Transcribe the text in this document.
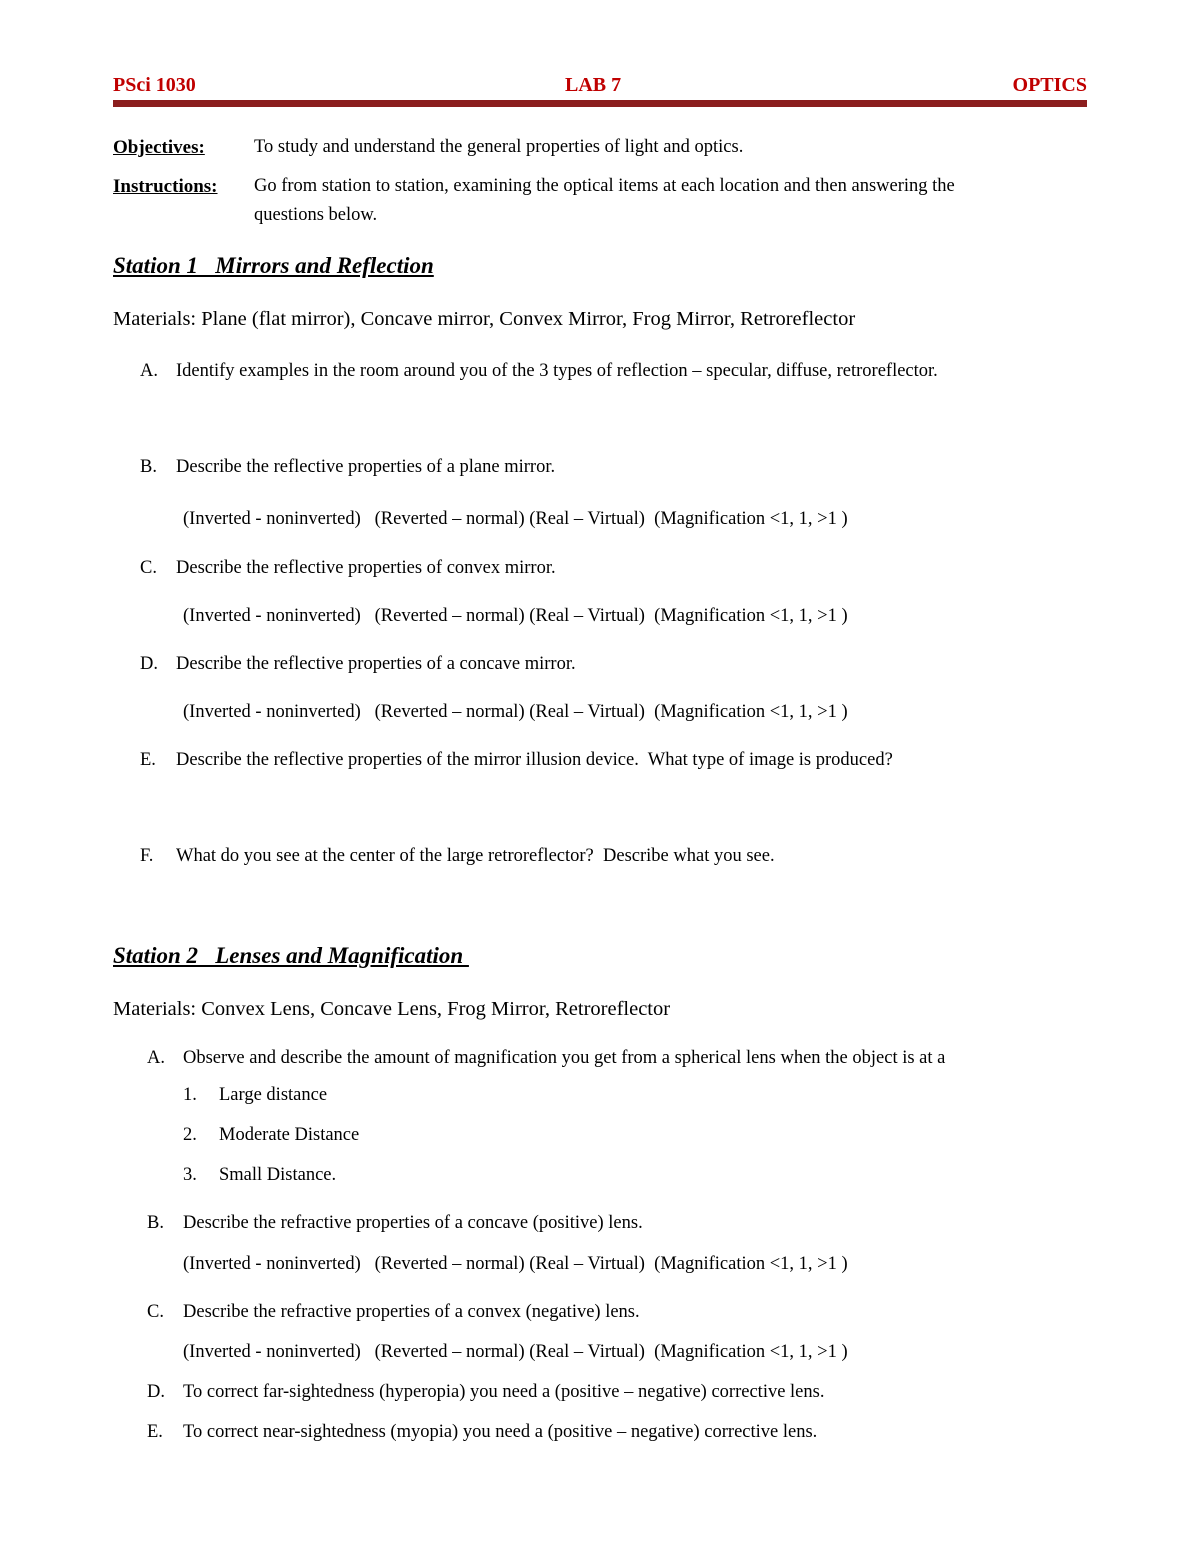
PSci 1030	LAB 7	OPTICS
Objectives:	To study and understand the general properties of light and optics.
Instructions: Go from station to station, examining the optical items at each location and then answering the
questions below.
Station 1   Mirrors and Reflection
Materials: Plane (flat mirror), Concave mirror, Convex Mirror, Frog Mirror, Retroreflector
A. Identify examples in the room around you of the 3 types of reflection – specular, diffuse, retroreflector.
B. Describe the reflective properties of a plane mirror.
(Inverted - noninverted)   (Reverted – normal) (Real – Virtual)  (Magnification <1, 1, >1 )
C. Describe the reflective properties of convex mirror.
(Inverted - noninverted)   (Reverted – normal) (Real – Virtual)  (Magnification <1, 1, >1 )
D. Describe the reflective properties of a concave mirror.
(Inverted - noninverted)   (Reverted – normal) (Real – Virtual)  (Magnification <1, 1, >1 )
E. Describe the reflective properties of the mirror illusion device.  What type of image is produced?
F. What do you see at the center of the large retroreflector?  Describe what you see.
Station 2   Lenses and Magnification
Materials: Convex Lens, Concave Lens, Frog Mirror, Retroreflector
A. Observe and describe the amount of magnification you get from a spherical lens when the object is at a
1. Large distance
2. Moderate Distance
3. Small Distance.
B. Describe the refractive properties of a concave (positive) lens.
(Inverted - noninverted)   (Reverted – normal) (Real – Virtual)  (Magnification <1, 1, >1 )
C. Describe the refractive properties of a convex (negative) lens.
(Inverted - noninverted)   (Reverted – normal) (Real – Virtual)  (Magnification <1, 1, >1 )
D. To correct far-sightedness (hyperopia) you need a (positive – negative) corrective lens.
E. To correct near-sightedness (myopia) you need a (positive – negative) corrective lens.
